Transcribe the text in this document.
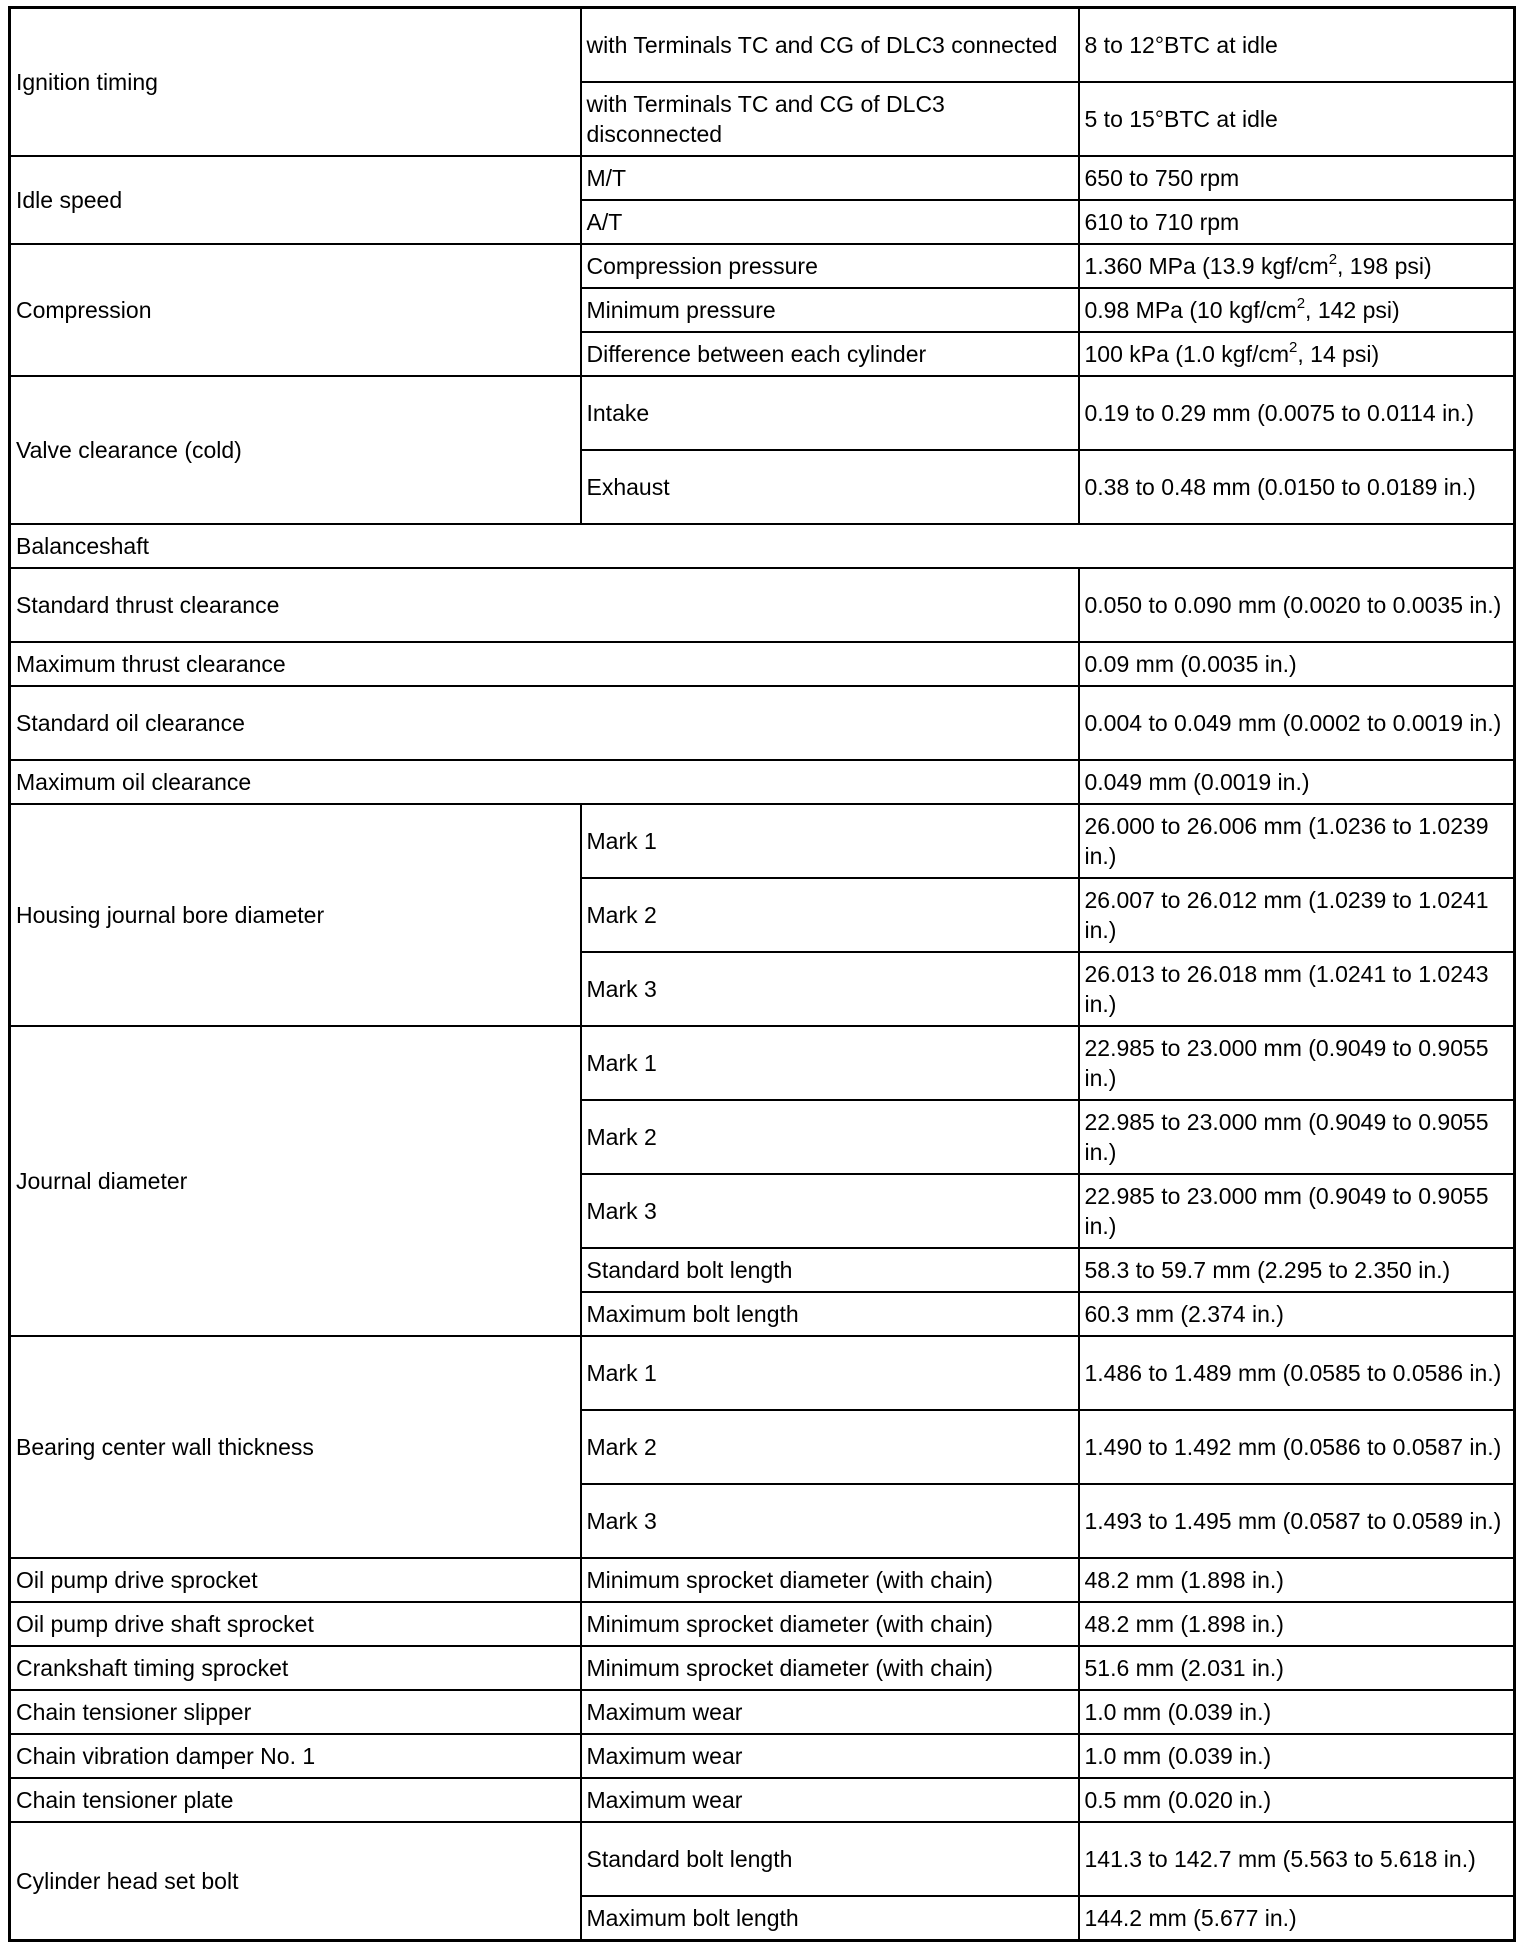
Ignition timing	with Terminals TC and CG of DLC3 connected	8 to 12°BTC at idle
	with Terminals TC and CG of DLC3 disconnected	5 to 15°BTC at idle
Idle speed	M/T	650 to 750 rpm
	A/T	610 to 710 rpm
Compression	Compression pressure	1.360 MPa (13.9 kgf/$cm^2$, 198 psi)
	Minimum pressure	0.98 MPa (10 kgf/$cm^2$, 142 psi)
	Difference between each cylinder	100 kPa (1.0 kgf/$cm^2$, 14 psi)
Valve clearance (cold)	Intake	0.19 to 0.29 mm (0.0075 to 0.0114 in.)
	Exhaust	0.38 to 0.48 mm (0.0150 to 0.0189 in.)
Balanceshaft		
Standard thrust clearance		0.050 to 0.090 mm (0.0020 to 0.0035 in.)
Maximum thrust clearance		0.09 mm (0.0035 in.)
Standard oil clearance		0.004 to 0.049 mm (0.0002 to 0.0019 in.)
Maximum oil clearance		0.049 mm (0.0019 in.)
Housing journal bore diameter	Mark 1	26.000 to 26.006 mm (1.0236 to 1.0239 in.)
	Mark 2	26.007 to 26.012 mm (1.0239 to 1.0241 in.)
	Mark 3	26.013 to 26.018 mm (1.0241 to 1.0243 in.)
Journal diameter	Mark 1	22.985 to 23.000 mm (0.9049 to 0.9055 in.)
	Mark 2	22.985 to 23.000 mm (0.9049 to 0.9055 in.)
	Mark 3	22.985 to 23.000 mm (0.9049 to 0.9055 in.)
	Standard bolt length	58.3 to 59.7 mm (2.295 to 2.350 in.)
	Maximum bolt length	60.3 mm (2.374 in.)
Bearing center wall thickness	Mark 1	1.486 to 1.489 mm (0.0585 to 0.0586 in.)
	Mark 2	1.490 to 1.492 mm (0.0586 to 0.0587 in.)
	Mark 3	1.493 to 1.495 mm (0.0587 to 0.0589 in.)
Oil pump drive sprocket	Minimum sprocket diameter (with chain)	48.2 mm (1.898 in.)
Oil pump drive shaft sprocket	Minimum sprocket diameter (with chain)	48.2 mm (1.898 in.)
Crankshaft timing sprocket	Minimum sprocket diameter (with chain)	51.6 mm (2.031 in.)
Chain tensioner slipper	Maximum wear	1.0 mm (0.039 in.)
Chain vibration damper No. 1	Maximum wear	1.0 mm (0.039 in.)
Chain tensioner plate	Maximum wear	0.5 mm (0.020 in.)
Cylinder head set bolt	Standard bolt length	141.3 to 142.7 mm (5.563 to 5.618 in.)
	Maximum bolt length	144.2 mm (5.677 in.)
